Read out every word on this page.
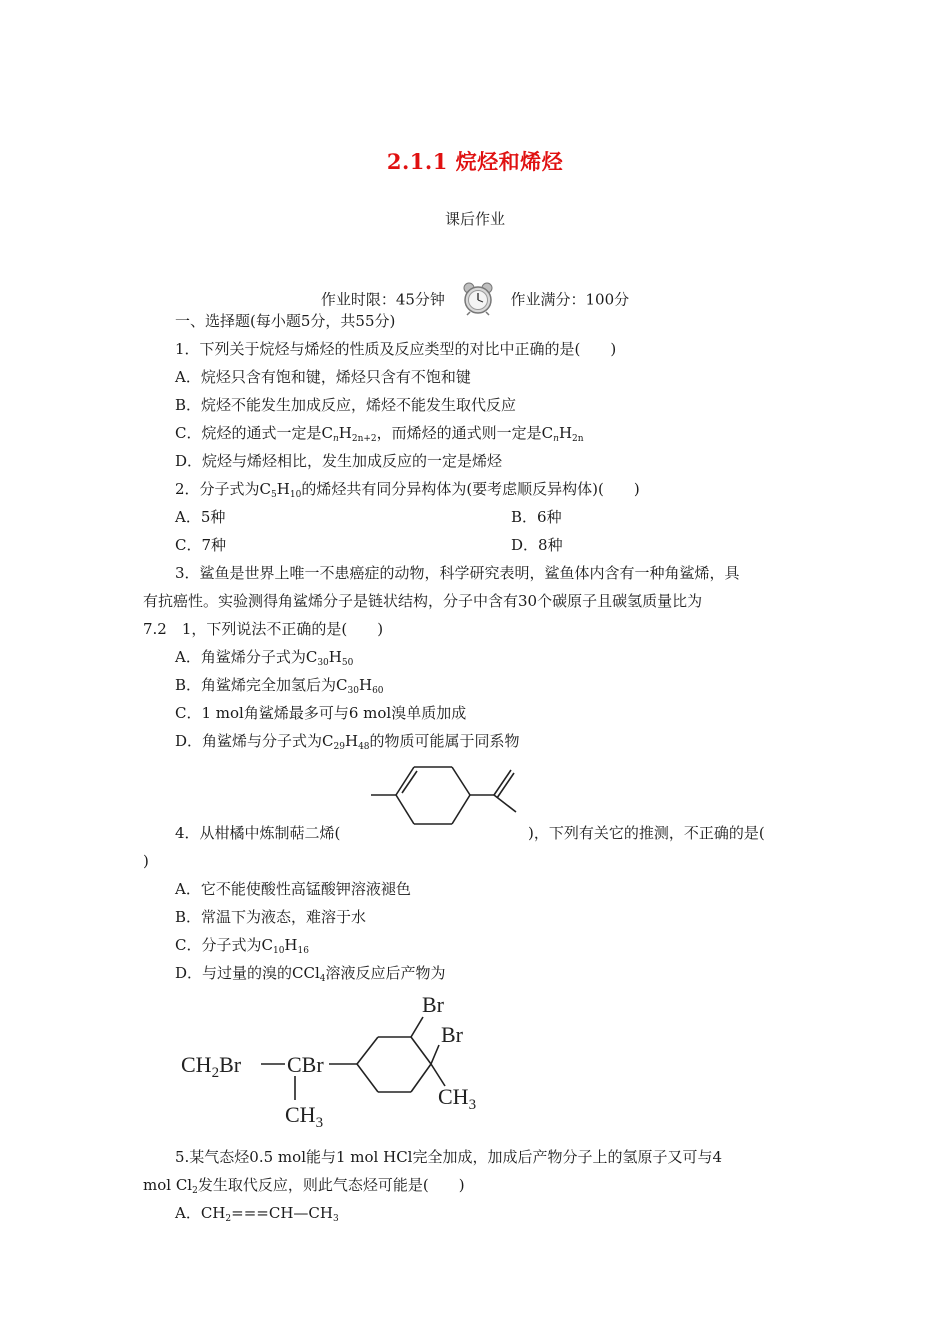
2.1.1 烷烃和烯烃
课后作业
作业时限：45分钟	作业满分：100分
一、选择题(每小题5分，共55分)
1．下列关于烷烃与烯烃的性质及反应类型的对比中正确的是(　　)
A．烷烃只含有饱和键，烯烃只含有不饱和键
B．烷烃不能发生加成反应，烯烃不能发生取代反应
C．烷烃的通式一定是$C_nH_{2n+2}$，而烯烃的通式则一定是$C_nH_{2n}$
D．烷烃与烯烃相比，发生加成反应的一定是烯烃
2．分子式为$C_5H_{10}$的烯烃共有同分异构体为(要考虑顺反异构体)(　　)
A．5种	B．6种
C．7种	D．8种
3．鲨鱼是世界上唯一不患癌症的动物，科学研究表明，鲨鱼体内含有一种角鲨烯，具
有抗癌性。实验测得角鲨烯分子是链状结构，分子中含有30个碳原子且碳氢质量比为
7.2　1，下列说法不正确的是(　　)
A．角鲨烯分子式为$C_{30}H_{50}$
B．角鲨烯完全加氢后为$C_{30}H_{60}$
C．1 mol角鲨烯最多可与6 mol溴单质加成
D．角鲨烯与分子式为$C_{29}H_{48}$的物质可能属于同系物
4．从柑橘中炼制萜二烯(	)，下列有关它的推测，不正确的是(
)
A．它不能使酸性高锰酸钾溶液褪色
B．常温下为液态，难溶于水
C．分子式为$C_{10}H_{16}$
D．与过量的溴的CCl$_4$溶液反应后产物为
$CH_2Br$ CBr
$CH_3$
Br
Br
$CH_3$
5.某气态烃0.5 mol能与1 mol HCl完全加成，加成后产物分子上的氢原子又可与4
mol $Cl_2$发生取代反应，则此气态烃可能是(　　)
A．$CH_2===CH—CH_3$
